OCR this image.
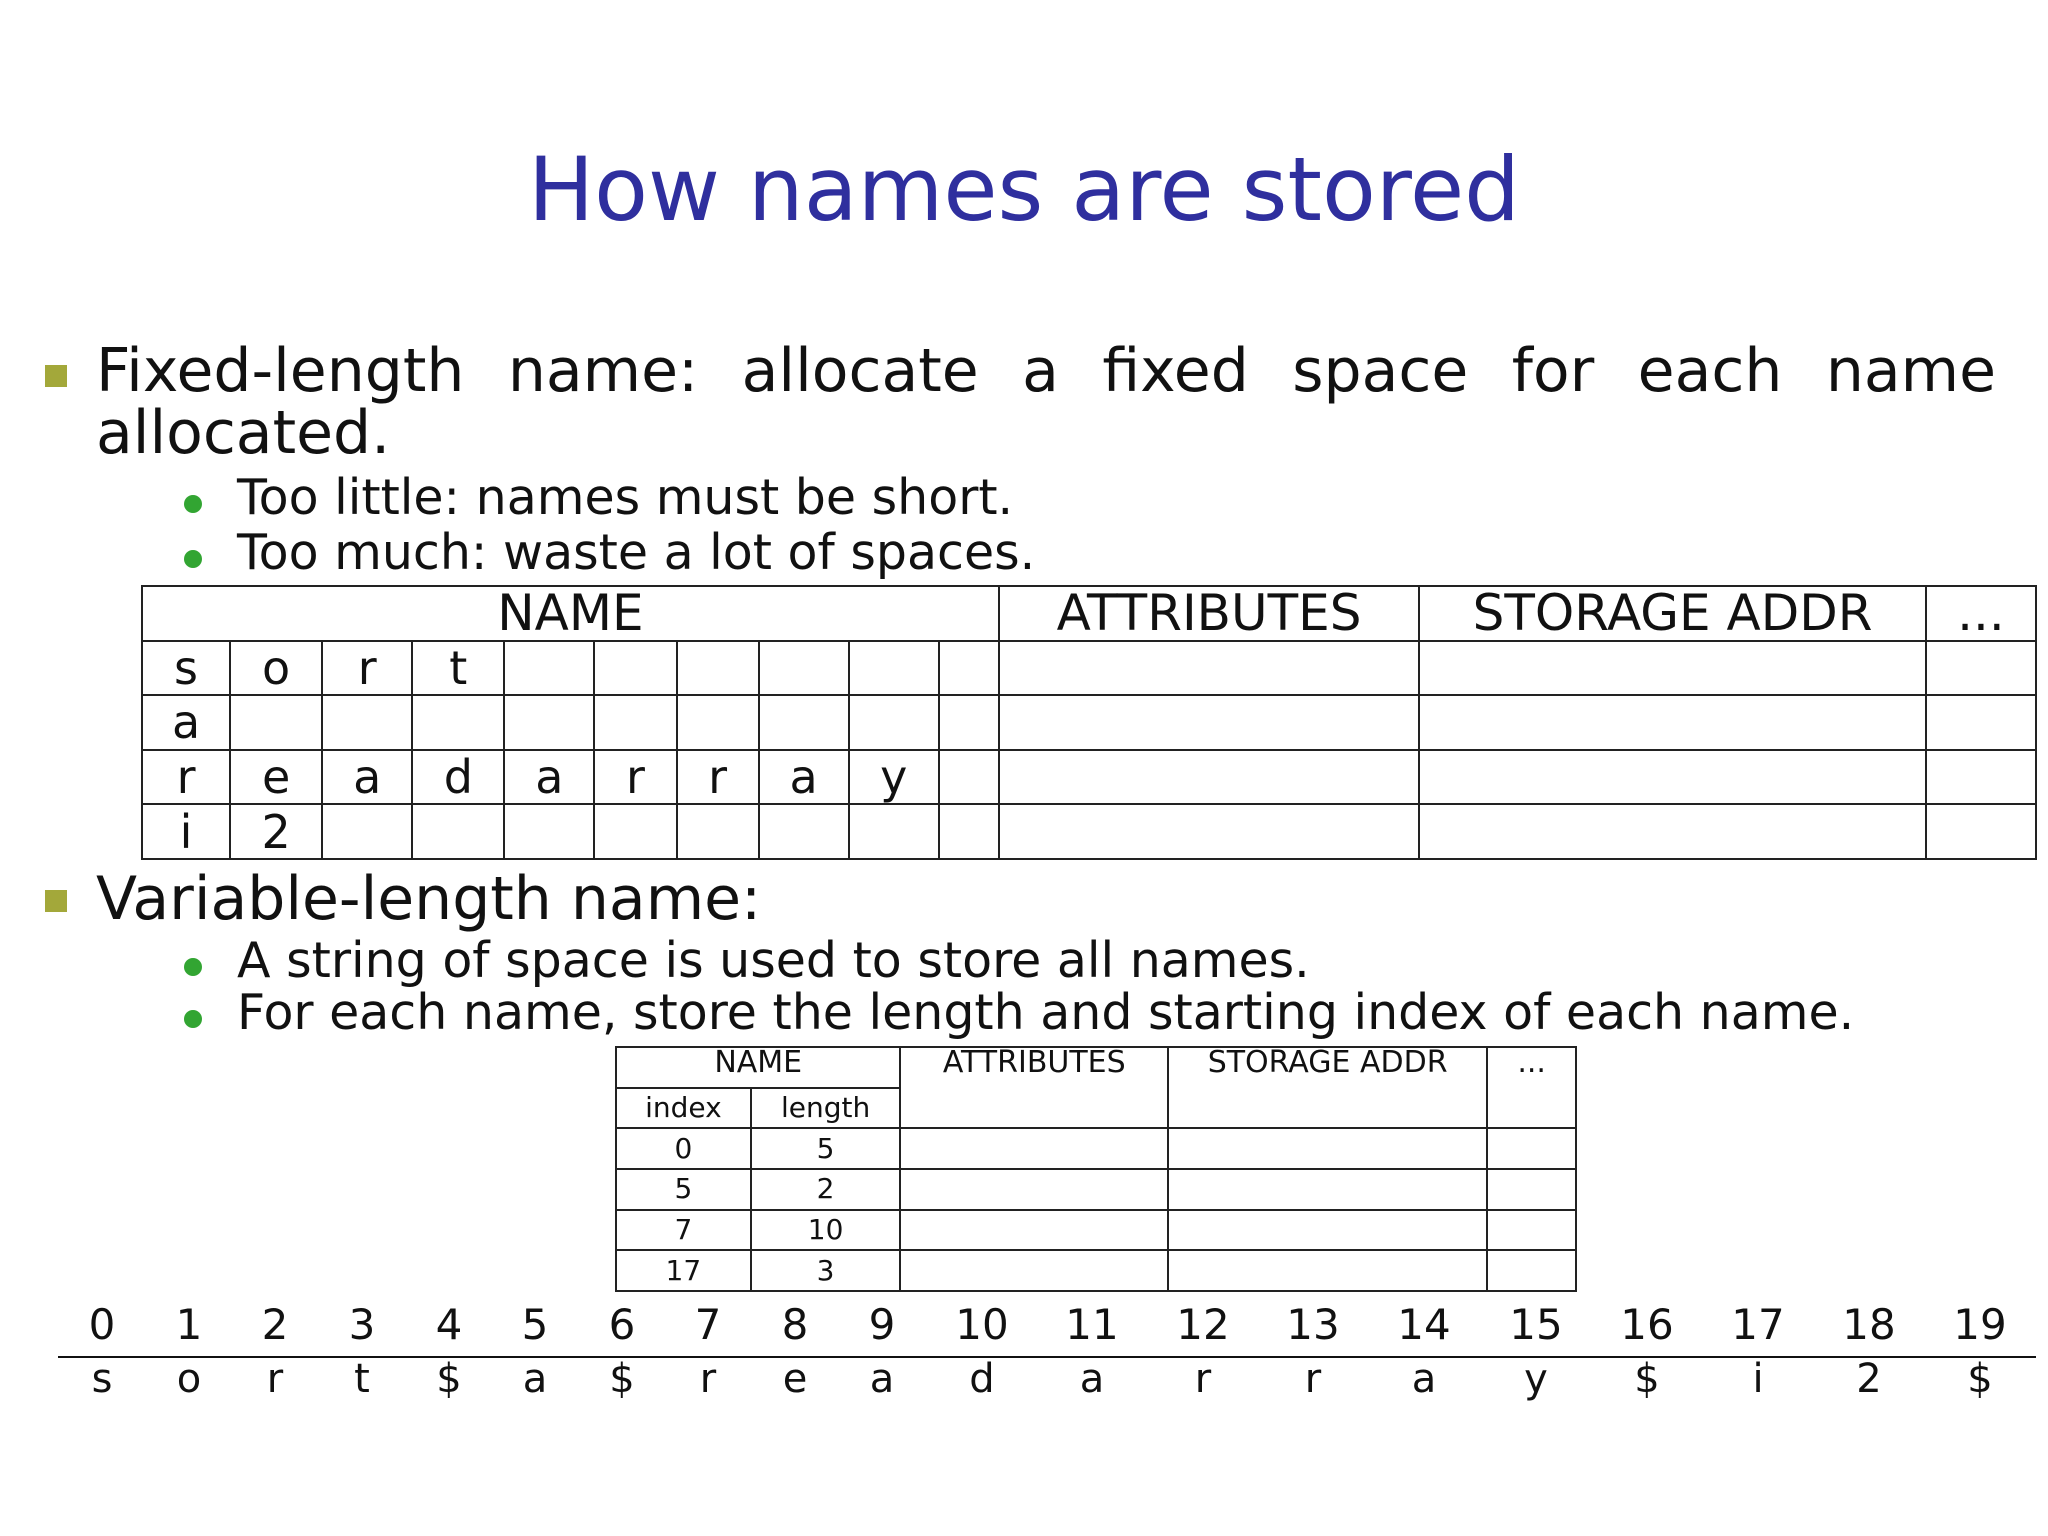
How names are stored
Fixed-length name: allocate a fixed space for each name allocated.
Too little: names must be short.
Too much: waste a lot of spaces.
NAME										ATTRIBUTES	STORAGE ADDR	...
s	o	r	t									
a												
r	e	a	d	a	r	r	a	y				
i	2											
Variable-length name:
A string of space is used to store all names.
For each name, store the length and starting index of each name.
NAME		ATTRIBUTES	STORAGE ADDR	...
index	length			
0	5			
5	2			
7	10			
17	3			
0	1	2	3	4	5	6	7	8	9	10	11	12	13	14	15	16	17	18	19
s	o	r	t	$	a	$	r	e	a	d	a	r	r	a	y	$	i	2	$
